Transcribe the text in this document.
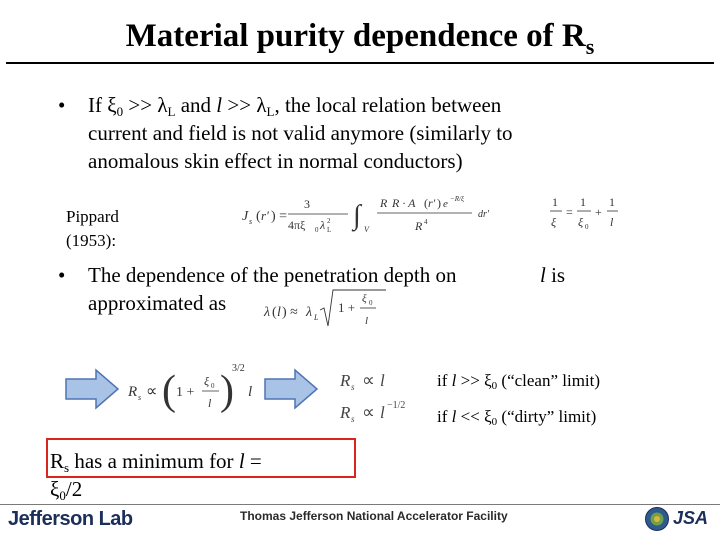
Material purity dependence of $R_s$
• If $\xi_0 >> \lambda_L$ and $l >> \lambda_L$, the local relation between
current and field is not valid anymore (similarly to
anomalous skin effect in normal conductors)
Pippard
(1953):
J s ( r' ) =
3
4πξ 0 λ 2
L ∫ V
R R · A ( r' ) e −R/ξ
R 4
dr'
1
ξ
=
1
ξ 0
+
1
l
• The dependence of the penetration depth on	l is
approximated as	λ ( l ) ≈ λ L
1 +
ξ 0
l
R s ∝ ( 1 +
ξ 0
l )
3/2
l
R s ∝ l
R s ∝ l −1/2
if $l >> \xi_0$ (“clean” limit)
if $l << \xi_0$ (“dirty” limit)
$R_s$ has a minimum for l =
$\xi_0/2$
Jefferson Lab	Thomas Jefferson National Accelerator Facility	JSA
